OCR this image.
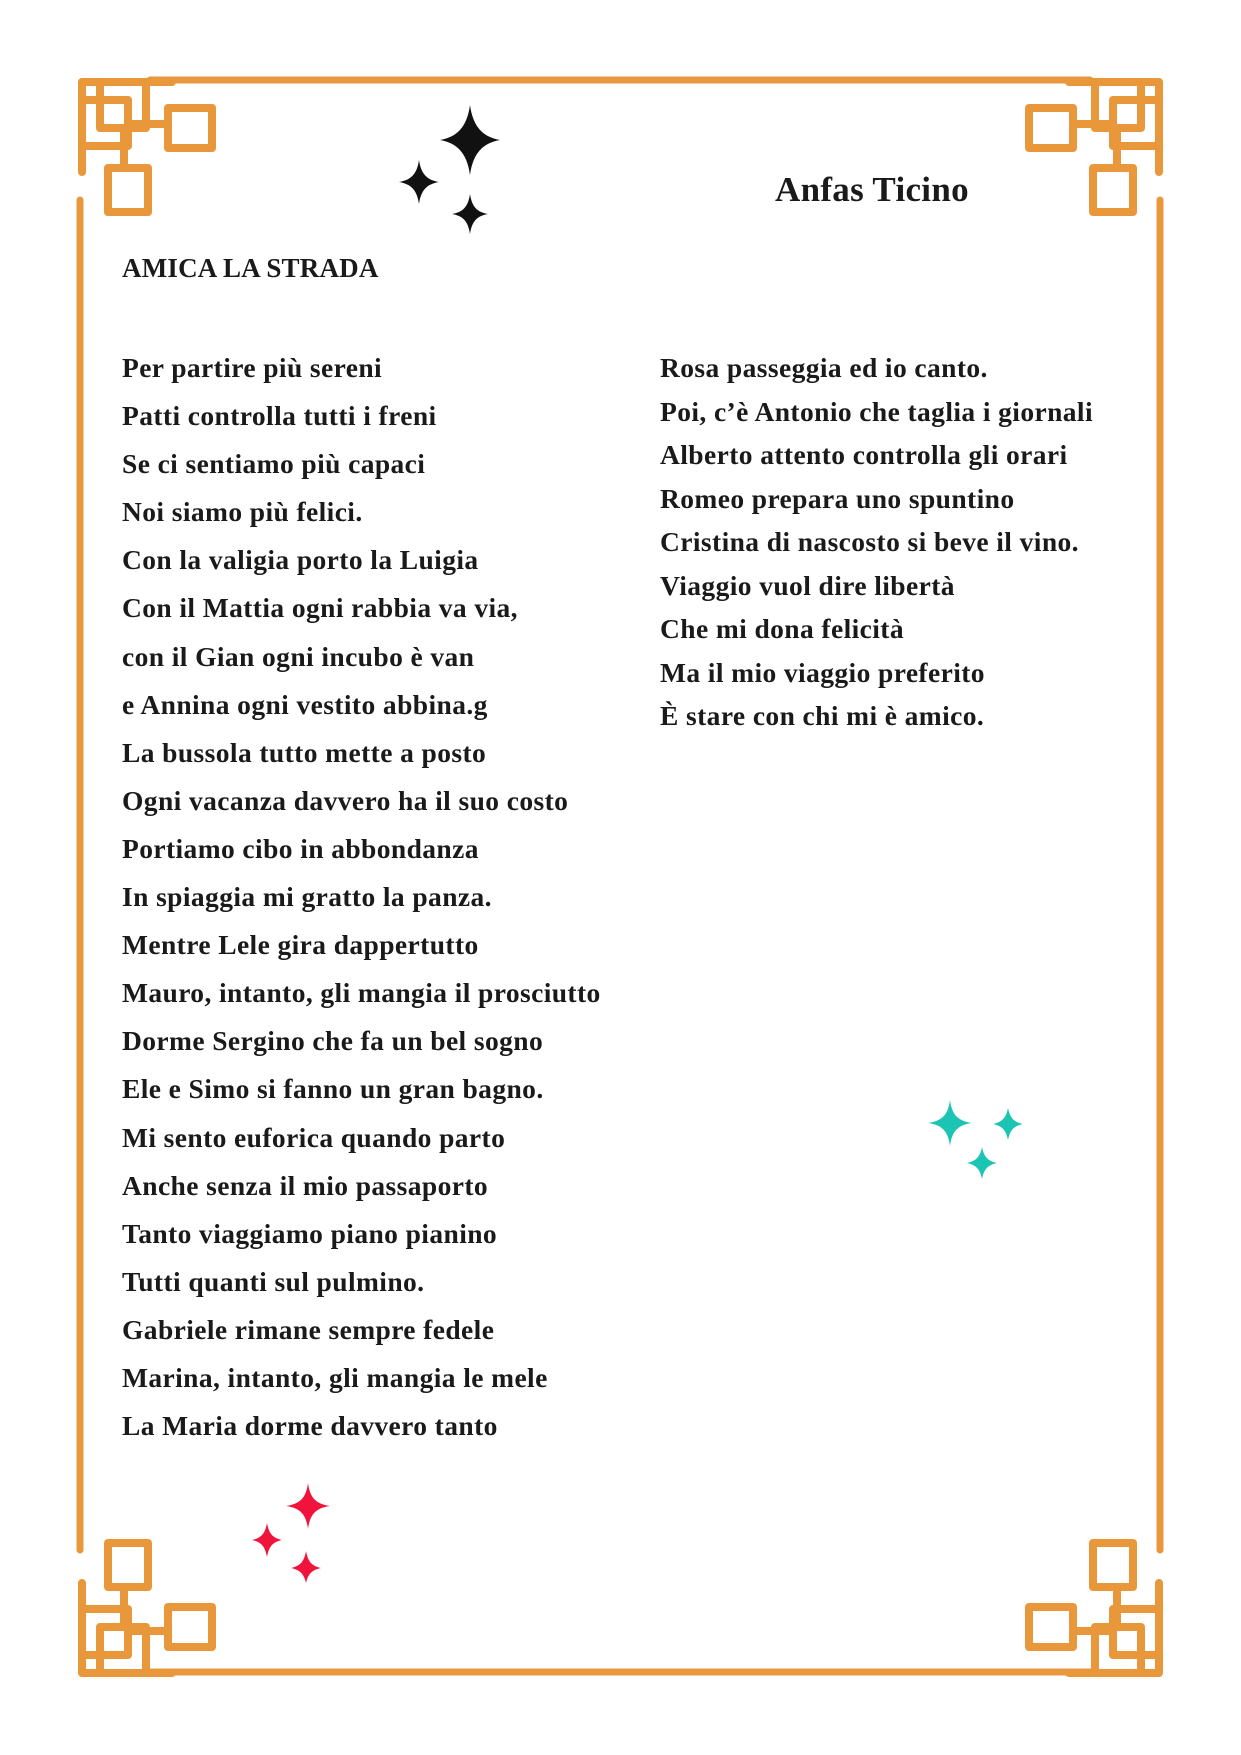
Anfas Ticino
AMICA LA STRADA
Per partire più sereni
Patti controlla tutti i freni
Se ci sentiamo più capaci
Noi siamo più felici.
Con la valigia porto la Luigia
Con il Mattia ogni rabbia va via,
con il Gian ogni incubo è van
e Annina ogni vestito abbina.g
La bussola tutto mette a posto
Ogni vacanza davvero ha il suo costo
Portiamo cibo in abbondanza
In spiaggia mi gratto la panza.
Mentre Lele gira dappertutto
Mauro, intanto, gli mangia il prosciutto
Dorme Sergino che fa un bel sogno
Ele e Simo si fanno un gran bagno.
Mi sento euforica quando parto
Anche senza il mio passaporto
Tanto viaggiamo piano pianino
Tutti quanti sul pulmino.
Gabriele rimane sempre fedele
Marina, intanto, gli mangia le mele
La Maria dorme davvero tanto
Rosa passeggia ed io canto.
Poi, c’è Antonio che taglia i giornali
Alberto attento controlla gli orari
Romeo prepara uno spuntino
Cristina di nascosto si beve il vino.
Viaggio vuol dire libertà
Che mi dona felicità
Ma il mio viaggio preferito
È stare con chi mi è amico.
